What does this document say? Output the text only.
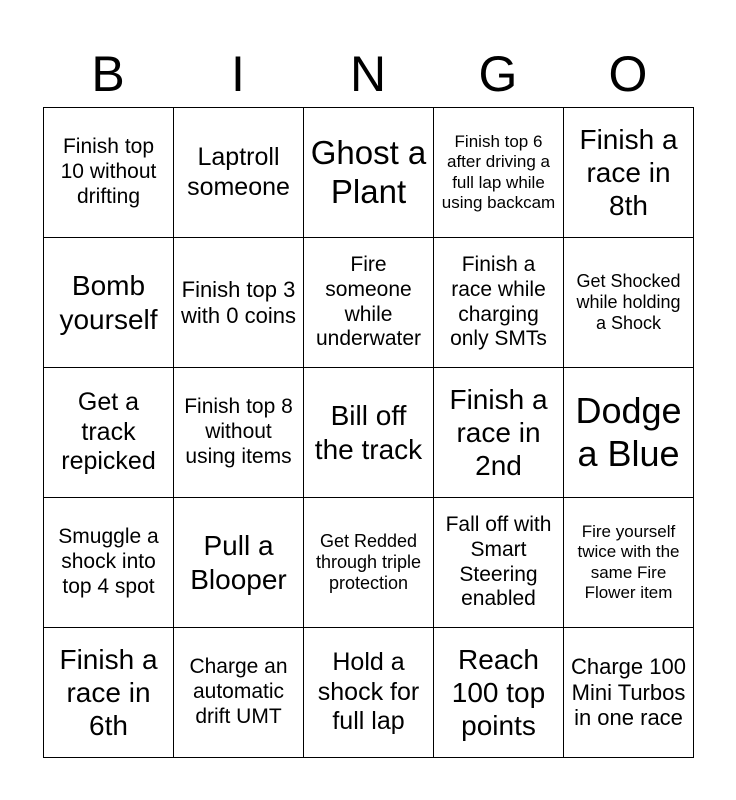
B	I	N	G	O
Finish top 10 without drifting	Laptroll someone	Ghost a Plant	Finish top 6 after driving a full lap while using backcam	Finish a race in 8th
Bomb yourself	Finish top 3 with 0 coins	Fire someone while underwater	Finish a race while charging only SMTs	Get Shocked while holding a Shock
Get a track repicked	Finish top 8 without using items	Bill off the track	Finish a race in 2nd	Dodge a Blue
Smuggle a shock into top 4 spot	Pull a Blooper	Get Redded through triple protection	Fall off with Smart Steering enabled	Fire yourself twice with the same Fire Flower item
Finish a race in 6th	Charge an automatic drift UMT	Hold a shock for full lap	Reach 100 top points	Charge 100 Mini Turbos in one race
